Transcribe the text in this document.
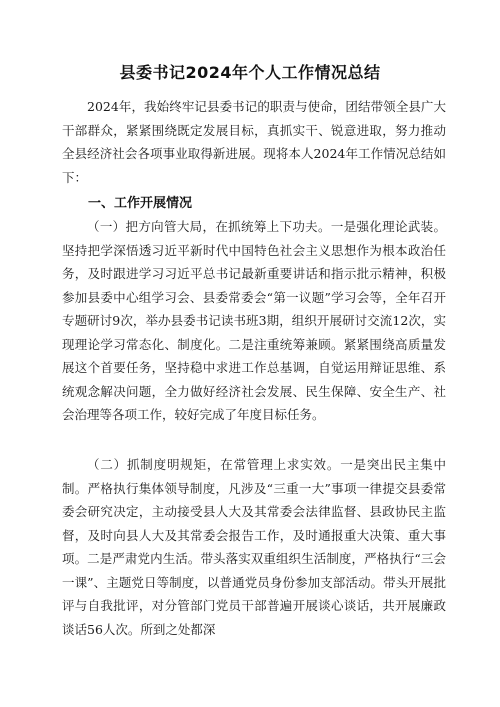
县委书记2024年个人工作情况总结

2024年，我始终牢记县委书记的职责与使命，团结带领全县广大干部群众，紧紧围绕既定发展目标，真抓实干、锐意进取，努力推动全县经济社会各项事业取得新进展。现将本人2024年工作情况总结如下：

一、工作开展情况

（一）把方向管大局，在抓统筹上下功夫。一是强化理论武装。坚持把学深悟透习近平新时代中国特色社会主义思想作为根本政治任务，及时跟进学习习近平总书记最新重要讲话和指示批示精神，积极参加县委中心组学习会、县委常委会“第一议题”学习会等，全年召开专题研讨9次，举办县委书记读书班3期，组织开展研讨交流12次，实现理论学习常态化、制度化。二是注重统筹兼顾。紧紧围绕高质量发展这个首要任务，坚持稳中求进工作总基调，自觉运用辩证思维、系统观念解决问题，全力做好经济社会发展、民生保障、安全生产、社会治理等各项工作，较好完成了年度目标任务。

（二）抓制度明规矩，在常管理上求实效。一是突出民主集中制。严格执行集体领导制度，凡涉及“三重一大”事项一律提交县委常委会研究决定，主动接受县人大及其常委会法律监督、县政协民主监督，及时向县人大及其常委会报告工作，及时通报重大决策、重大事项。二是严肃党内生活。带头落实双重组织生活制度，严格执行“三会一课”、主题党日等制度，以普通党员身份参加支部活动。带头开展批评与自我批评，对分管部门党员干部普遍开展谈心谈话，共开展廉政谈话56人次。所到之处都深
